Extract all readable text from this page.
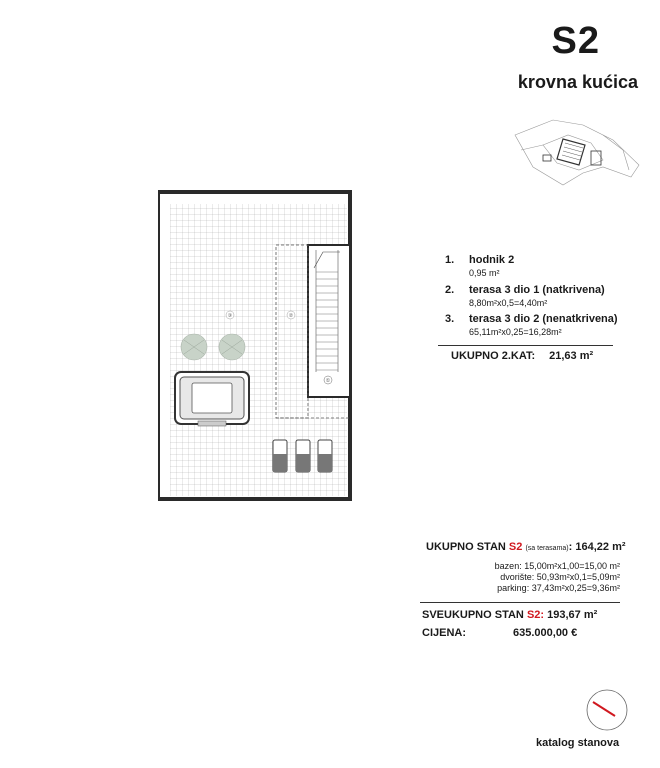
S2
krovna kućica
①
②
③
1. hodnik 2
0,95 m²
2. terasa 3 dio 1 (natkrivena)
8,80m²x0,5=4,40m²
3. terasa 3 dio 2 (nenatkrivena)
65,11m²x0,25=16,28m²
UKUPNO 2.KAT: 21,63 m²
UKUPNO STAN S2 (sa terasama): 164,22 m²
bazen: 15,00m²x1,00=15,00 m²
dvorište: 50,93m²x0,1=5,09m²
parking: 37,43m²x0,25=9,36m²
SVEUKUPNO STAN S2: 193,67 m²
CIJENA:	635.000,00 €
katalog stanova
